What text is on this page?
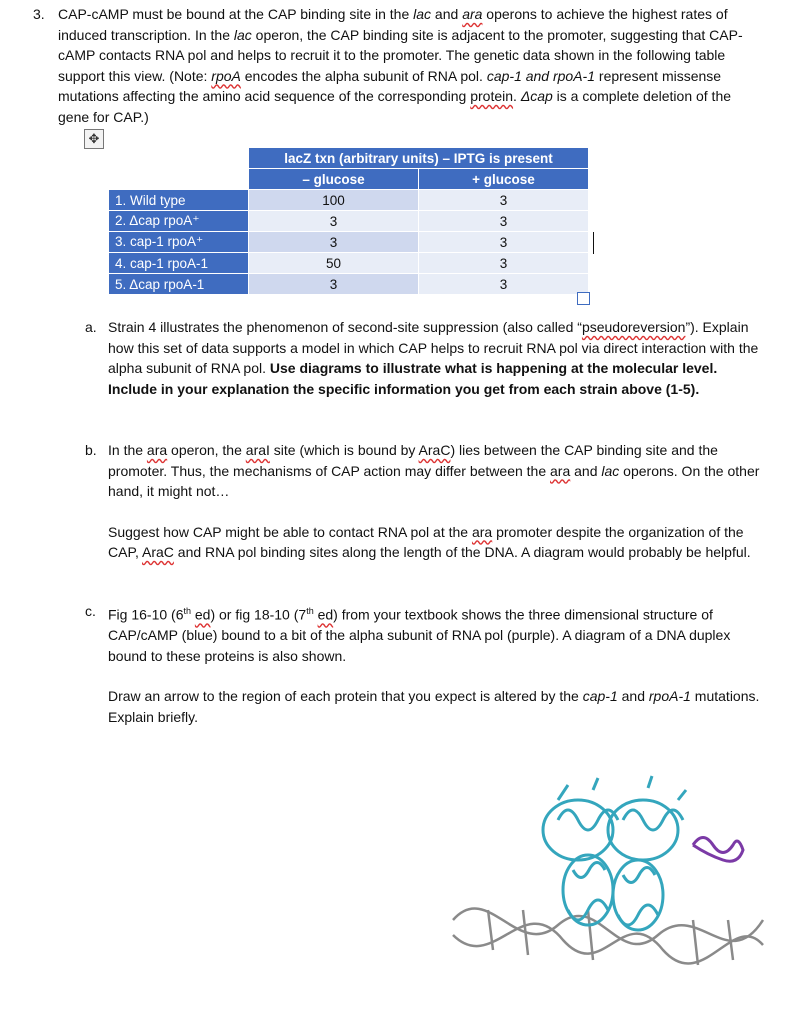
3. CAP-cAMP must be bound at the CAP binding site in the lac and ara operons to achieve the highest rates of induced transcription. In the lac operon, the CAP binding site is adjacent to the promoter, suggesting that CAP-cAMP contacts RNA pol and helps to recruit it to the promoter. The genetic data shown in the following table support this view. (Note: rpoA encodes the alpha subunit of RNA pol. cap-1 and rpoA-1 represent missense mutations affecting the amino acid sequence of the corresponding protein. Δcap is a complete deletion of the gene for CAP.)
✥
	lacZ txn (arbitrary units) – IPTG is present	
	– glucose	+ glucose
1. Wild type	100	3
2. Δcap rpoA⁺	3	3
3. cap-1 rpoA⁺	3	3
4. cap-1 rpoA-1	50	3
5. Δcap rpoA-1	3	3
a. Strain 4 illustrates the phenomenon of second-site suppression (also called “pseudoreversion”). Explain how this set of data supports a model in which CAP helps to recruit RNA pol via direct interaction with the alpha subunit of RNA pol. Use diagrams to illustrate what is happening at the molecular level. Include in your explanation the specific information you get from each strain above (1-5).
b. In the ara operon, the araI site (which is bound by AraC) lies between the CAP binding site and the promoter. Thus, the mechanisms of CAP action may differ between the ara and lac operons. On the other hand, it might not…
Suggest how CAP might be able to contact RNA pol at the ara promoter despite the organization of the CAP, AraC and RNA pol binding sites along the length of the DNA. A diagram would probably be helpful.
c. Fig 16-10 (6th ed) or fig 18-10 (7th ed) from your textbook shows the three dimensional structure of CAP/cAMP (blue) bound to a bit of the alpha subunit of RNA pol (purple). A diagram of a DNA duplex bound to these proteins is also shown.
Draw an arrow to the region of each protein that you expect is altered by the cap-1 and rpoA-1 mutations. Explain briefly.
